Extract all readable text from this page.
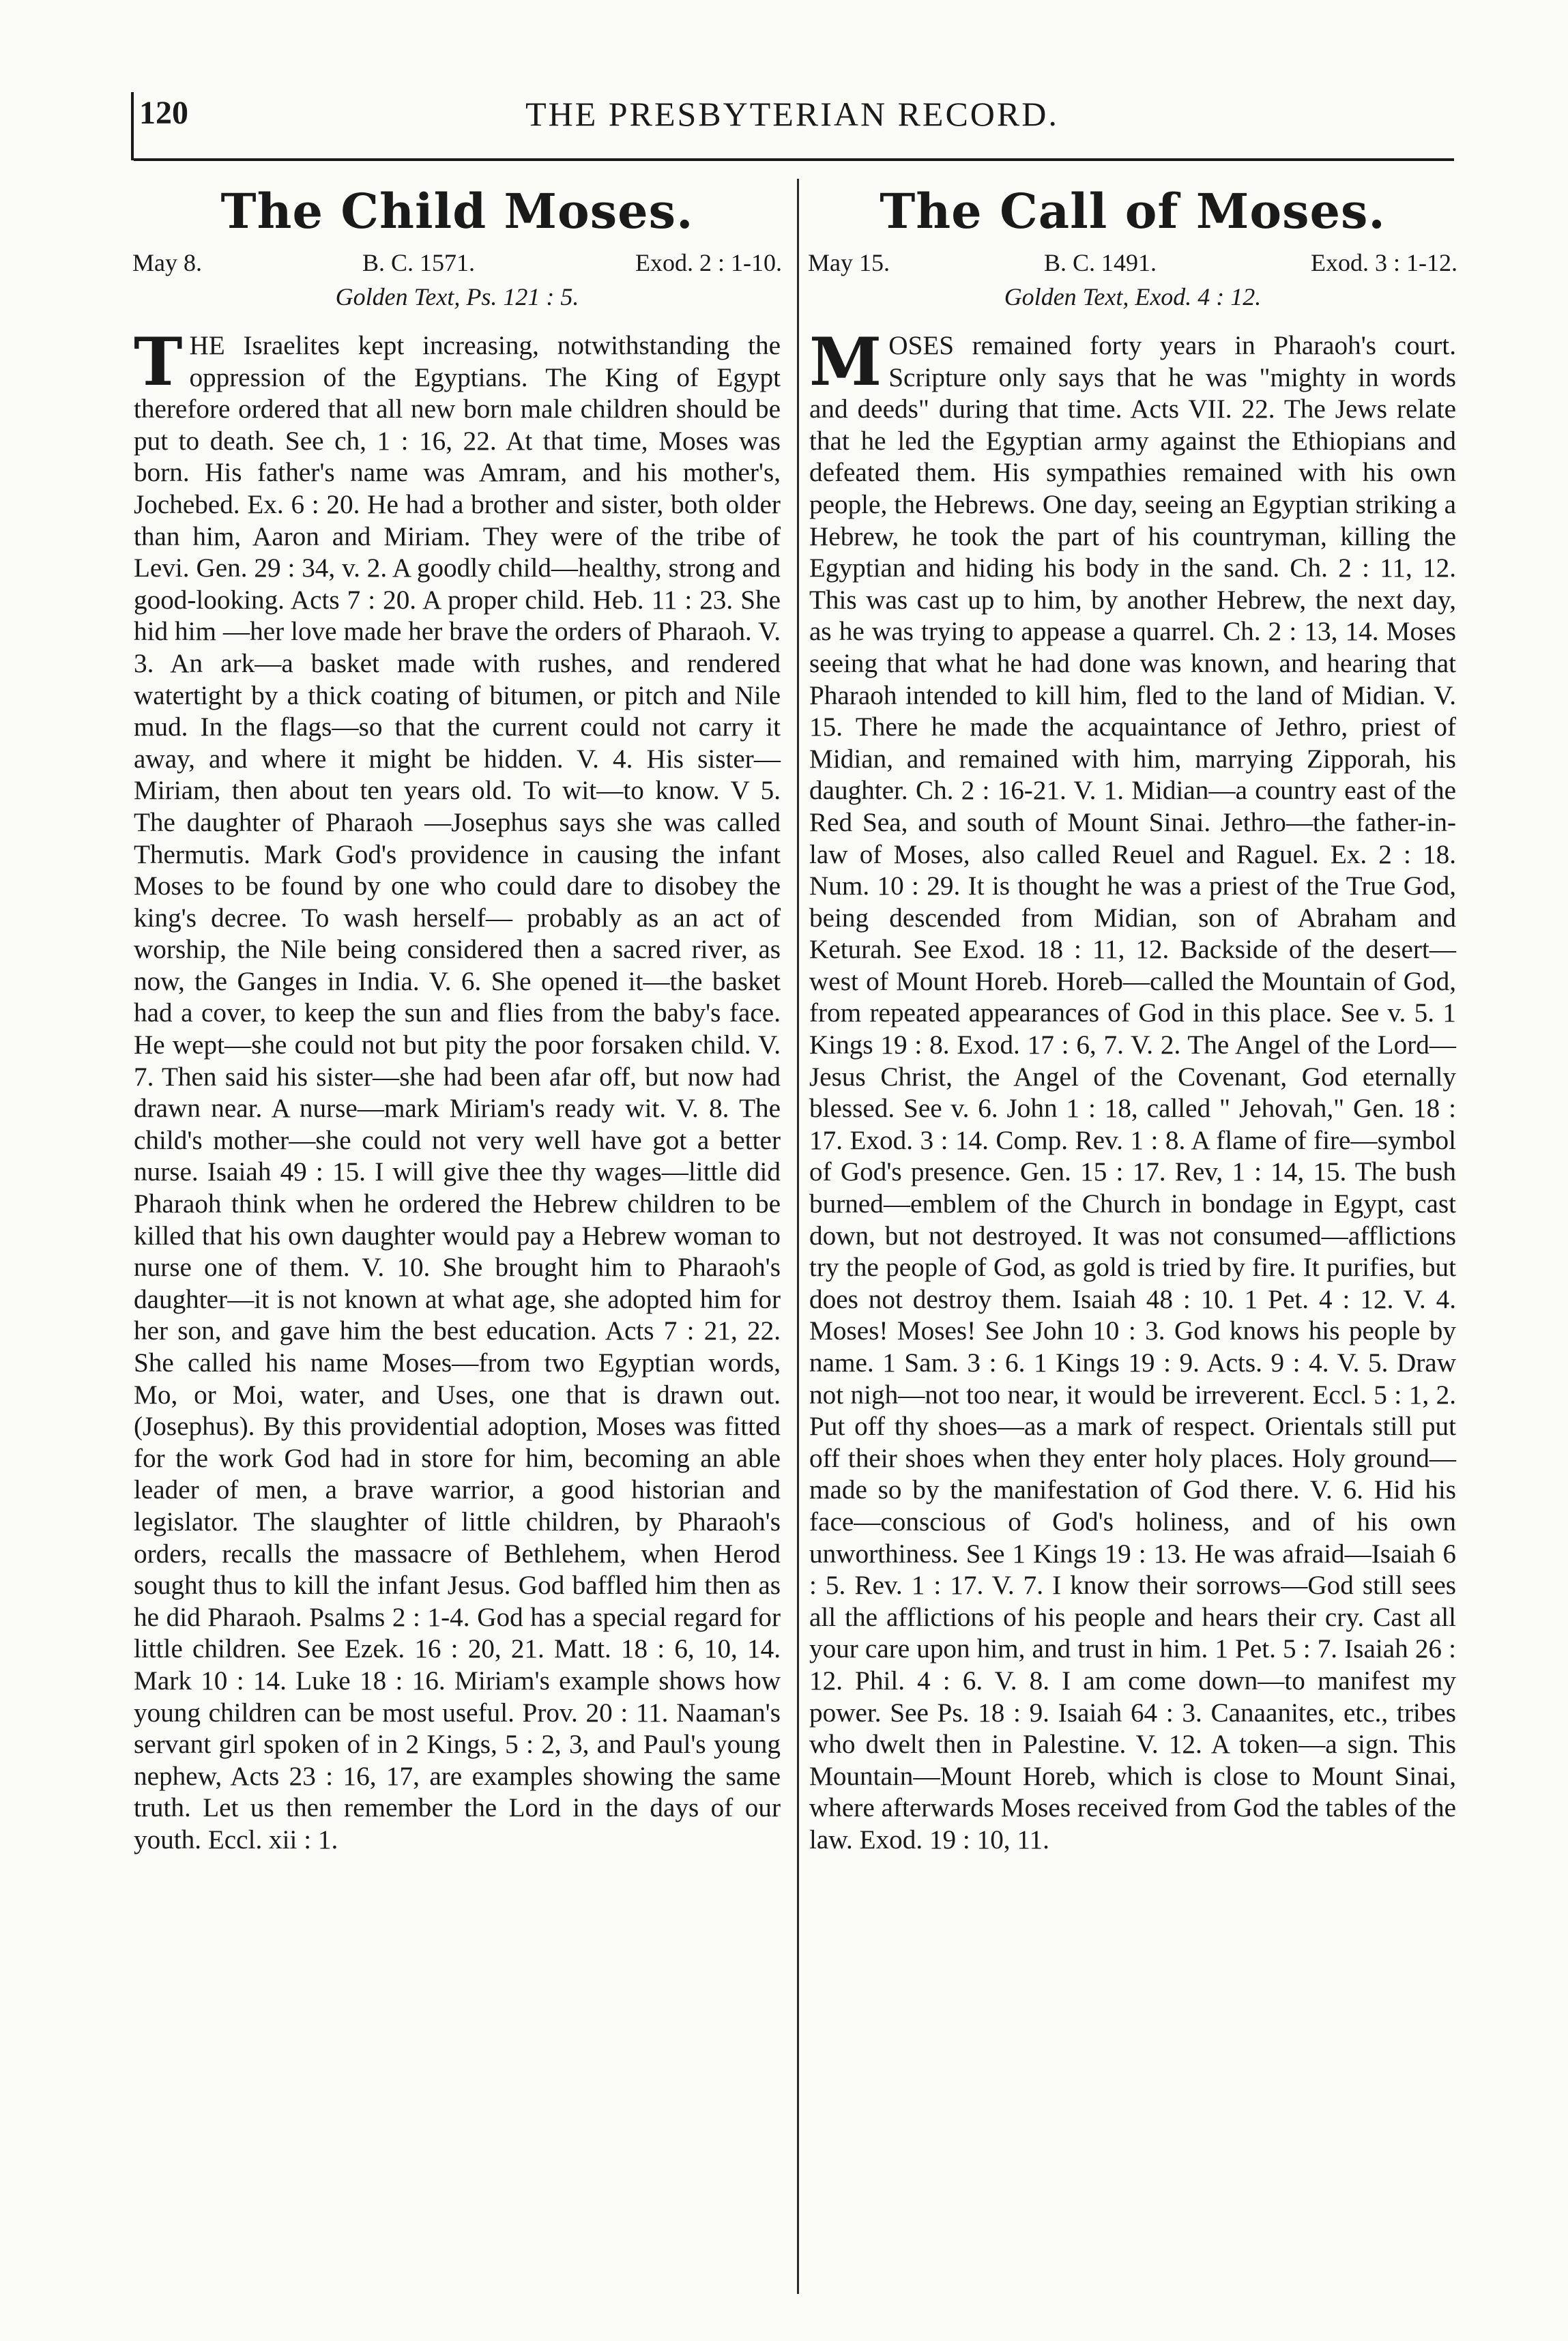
120	THE PRESBYTERIAN RECORD.
The Child Moses.
May 8.	B. C. 1571.	Exod. 2 : 1-10.
Golden Text, Ps. 121 : 5.

THE Israelites kept increasing, notwithstanding the oppression of the Egyptians. The King of Egypt therefore ordered that all new born male children should be put to death. See ch, 1 : 16, 22. At that time, Moses was born. His father's name was Amram, and his mother's, Jochebed. Ex. 6 : 20. He had a brother and sister, both older than him, Aaron and Miriam. They were of the tribe of Levi. Gen. 29 : 34, v. 2. A goodly child—healthy, strong and good-looking. Acts 7 : 20. A proper child. Heb. 11 : 23. She hid him —her love made her brave the orders of Pharaoh. V. 3. An ark—a basket made with rushes, and rendered watertight by a thick coating of bitumen, or pitch and Nile mud. In the flags—so that the current could not carry it away, and where it might be hidden. V. 4. His sister—Miriam, then about ten years old. To wit—to know. V 5. The daughter of Pharaoh —Josephus says she was called Thermutis. Mark God's providence in causing the infant Moses to be found by one who could dare to disobey the king's decree. To wash herself— probably as an act of worship, the Nile being considered then a sacred river, as now, the Ganges in India. V. 6. She opened it—the basket had a cover, to keep the sun and flies from the baby's face. He wept—she could not but pity the poor forsaken child. V. 7. Then said his sister—she had been afar off, but now had drawn near. A nurse—mark Miriam's ready wit. V. 8. The child's mother—she could not very well have got a better nurse. Isaiah 49 : 15. I will give thee thy wages—little did Pharaoh think when he ordered the Hebrew children to be killed that his own daughter would pay a Hebrew woman to nurse one of them. V. 10. She brought him to Pharaoh's daughter—it is not known at what age, she adopted him for her son, and gave him the best education. Acts 7 : 21, 22. She called his name Moses—from two Egyptian words, Mo, or Moi, water, and Uses, one that is drawn out. (Josephus). By this providential adoption, Moses was fitted for the work God had in store for him, becoming an able leader of men, a brave warrior, a good historian and legislator. The slaughter of little children, by Pharaoh's orders, recalls the massacre of Bethlehem, when Herod sought thus to kill the infant Jesus. God baffled him then as he did Pharaoh. Psalms 2 : 1-4. God has a special regard for little children. See Ezek. 16 : 20, 21. Matt. 18 : 6, 10, 14. Mark 10 : 14. Luke 18 : 16. Miriam's example shows how young children can be most useful. Prov. 20 : 11. Naaman's servant girl spoken of in 2 Kings, 5 : 2, 3, and Paul's young nephew, Acts 23 : 16, 17, are examples showing the same truth. Let us then remember the Lord in the days of our youth. Eccl. xii : 1.

The Call of Moses.
May 15.	B. C. 1491.	Exod. 3 : 1-12.
Golden Text, Exod. 4 : 12.

MOSES remained forty years in Pharaoh's court. Scripture only says that he was "mighty in words and deeds" during that time. Acts VII. 22. The Jews relate that he led the Egyptian army against the Ethiopians and defeated them. His sympathies remained with his own people, the Hebrews. One day, seeing an Egyptian striking a Hebrew, he took the part of his countryman, killing the Egyptian and hiding his body in the sand. Ch. 2 : 11, 12. This was cast up to him, by another Hebrew, the next day, as he was trying to appease a quarrel. Ch. 2 : 13, 14. Moses seeing that what he had done was known, and hearing that Pharaoh intended to kill him, fled to the land of Midian. V. 15. There he made the acquaintance of Jethro, priest of Midian, and remained with him, marrying Zipporah, his daughter. Ch. 2 : 16-21. V. 1. Midian—a country east of the Red Sea, and south of Mount Sinai. Jethro—the father-in-law of Moses, also called Reuel and Raguel. Ex. 2 : 18. Num. 10 : 29. It is thought he was a priest of the True God, being descended from Midian, son of Abraham and Keturah. See Exod. 18 : 11, 12. Backside of the desert—west of Mount Horeb. Horeb—called the Mountain of God, from repeated appearances of God in this place. See v. 5. 1 Kings 19 : 8. Exod. 17 : 6, 7. V. 2. The Angel of the Lord—Jesus Christ, the Angel of the Covenant, God eternally blessed. See v. 6. John 1 : 18, called " Jehovah," Gen. 18 : 17. Exod. 3 : 14. Comp. Rev. 1 : 8. A flame of fire—symbol of God's presence. Gen. 15 : 17. Rev, 1 : 14, 15. The bush burned—emblem of the Church in bondage in Egypt, cast down, but not destroyed. It was not consumed—afflictions try the people of God, as gold is tried by fire. It purifies, but does not destroy them. Isaiah 48 : 10. 1 Pet. 4 : 12. V. 4. Moses! Moses! See John 10 : 3. God knows his people by name. 1 Sam. 3 : 6. 1 Kings 19 : 9. Acts. 9 : 4. V. 5. Draw not nigh—not too near, it would be irreverent. Eccl. 5 : 1, 2. Put off thy shoes—as a mark of respect. Orientals still put off their shoes when they enter holy places. Holy ground—made so by the manifestation of God there. V. 6. Hid his face—conscious of God's holiness, and of his own unworthiness. See 1 Kings 19 : 13. He was afraid—Isaiah 6 : 5. Rev. 1 : 17. V. 7. I know their sorrows—God still sees all the afflictions of his people and hears their cry. Cast all your care upon him, and trust in him. 1 Pet. 5 : 7. Isaiah 26 : 12. Phil. 4 : 6. V. 8. I am come down—to manifest my power. See Ps. 18 : 9. Isaiah 64 : 3. Canaanites, etc., tribes who dwelt then in Palestine. V. 12. A token—a sign. This Mountain—Mount Horeb, which is close to Mount Sinai, where afterwards Moses received from God the tables of the law. Exod. 19 : 10, 11.
